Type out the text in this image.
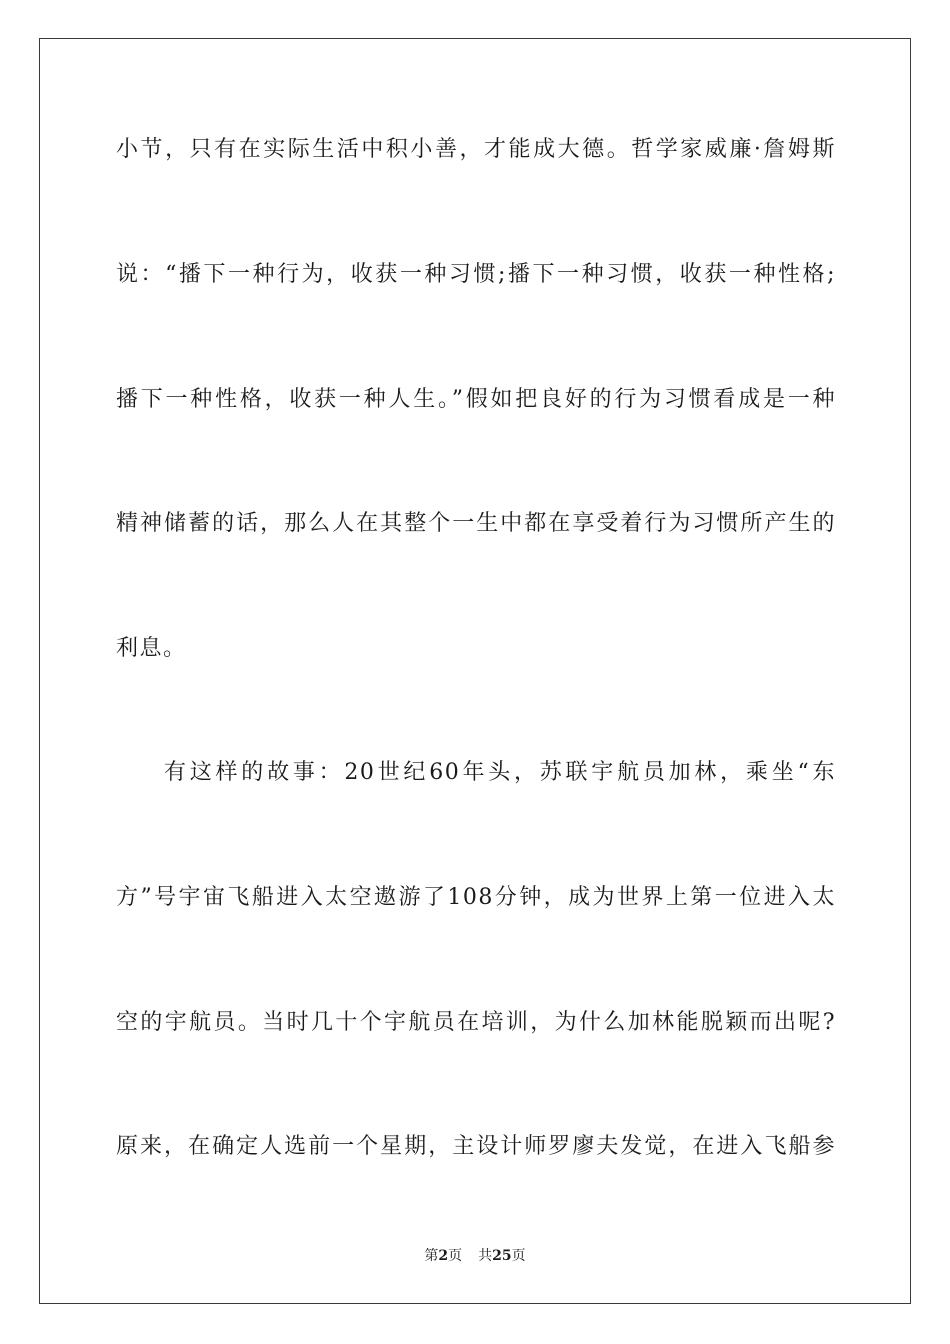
小节，只有在实际生活中积小善，才能成大德。哲学家威廉·詹姆斯
说：“播下一种行为，收获一种习惯;播下一种习惯，收获一种性格;
播下一种性格，收获一种人生。”假如把良好的行为习惯看成是一种
精神储蓄的话，那么人在其整个一生中都在享受着行为习惯所产生的
利息。
有这样的故事：20世纪60年头，苏联宇航员加林，乘坐“东
方”号宇宙飞船进入太空遨游了108分钟，成为世界上第一位进入太
空的宇航员。当时几十个宇航员在培训，为什么加林能脱颖而出呢?
原来，在确定人选前一个星期，主设计师罗廖夫发觉，在进入飞船参
第2页 共25页
